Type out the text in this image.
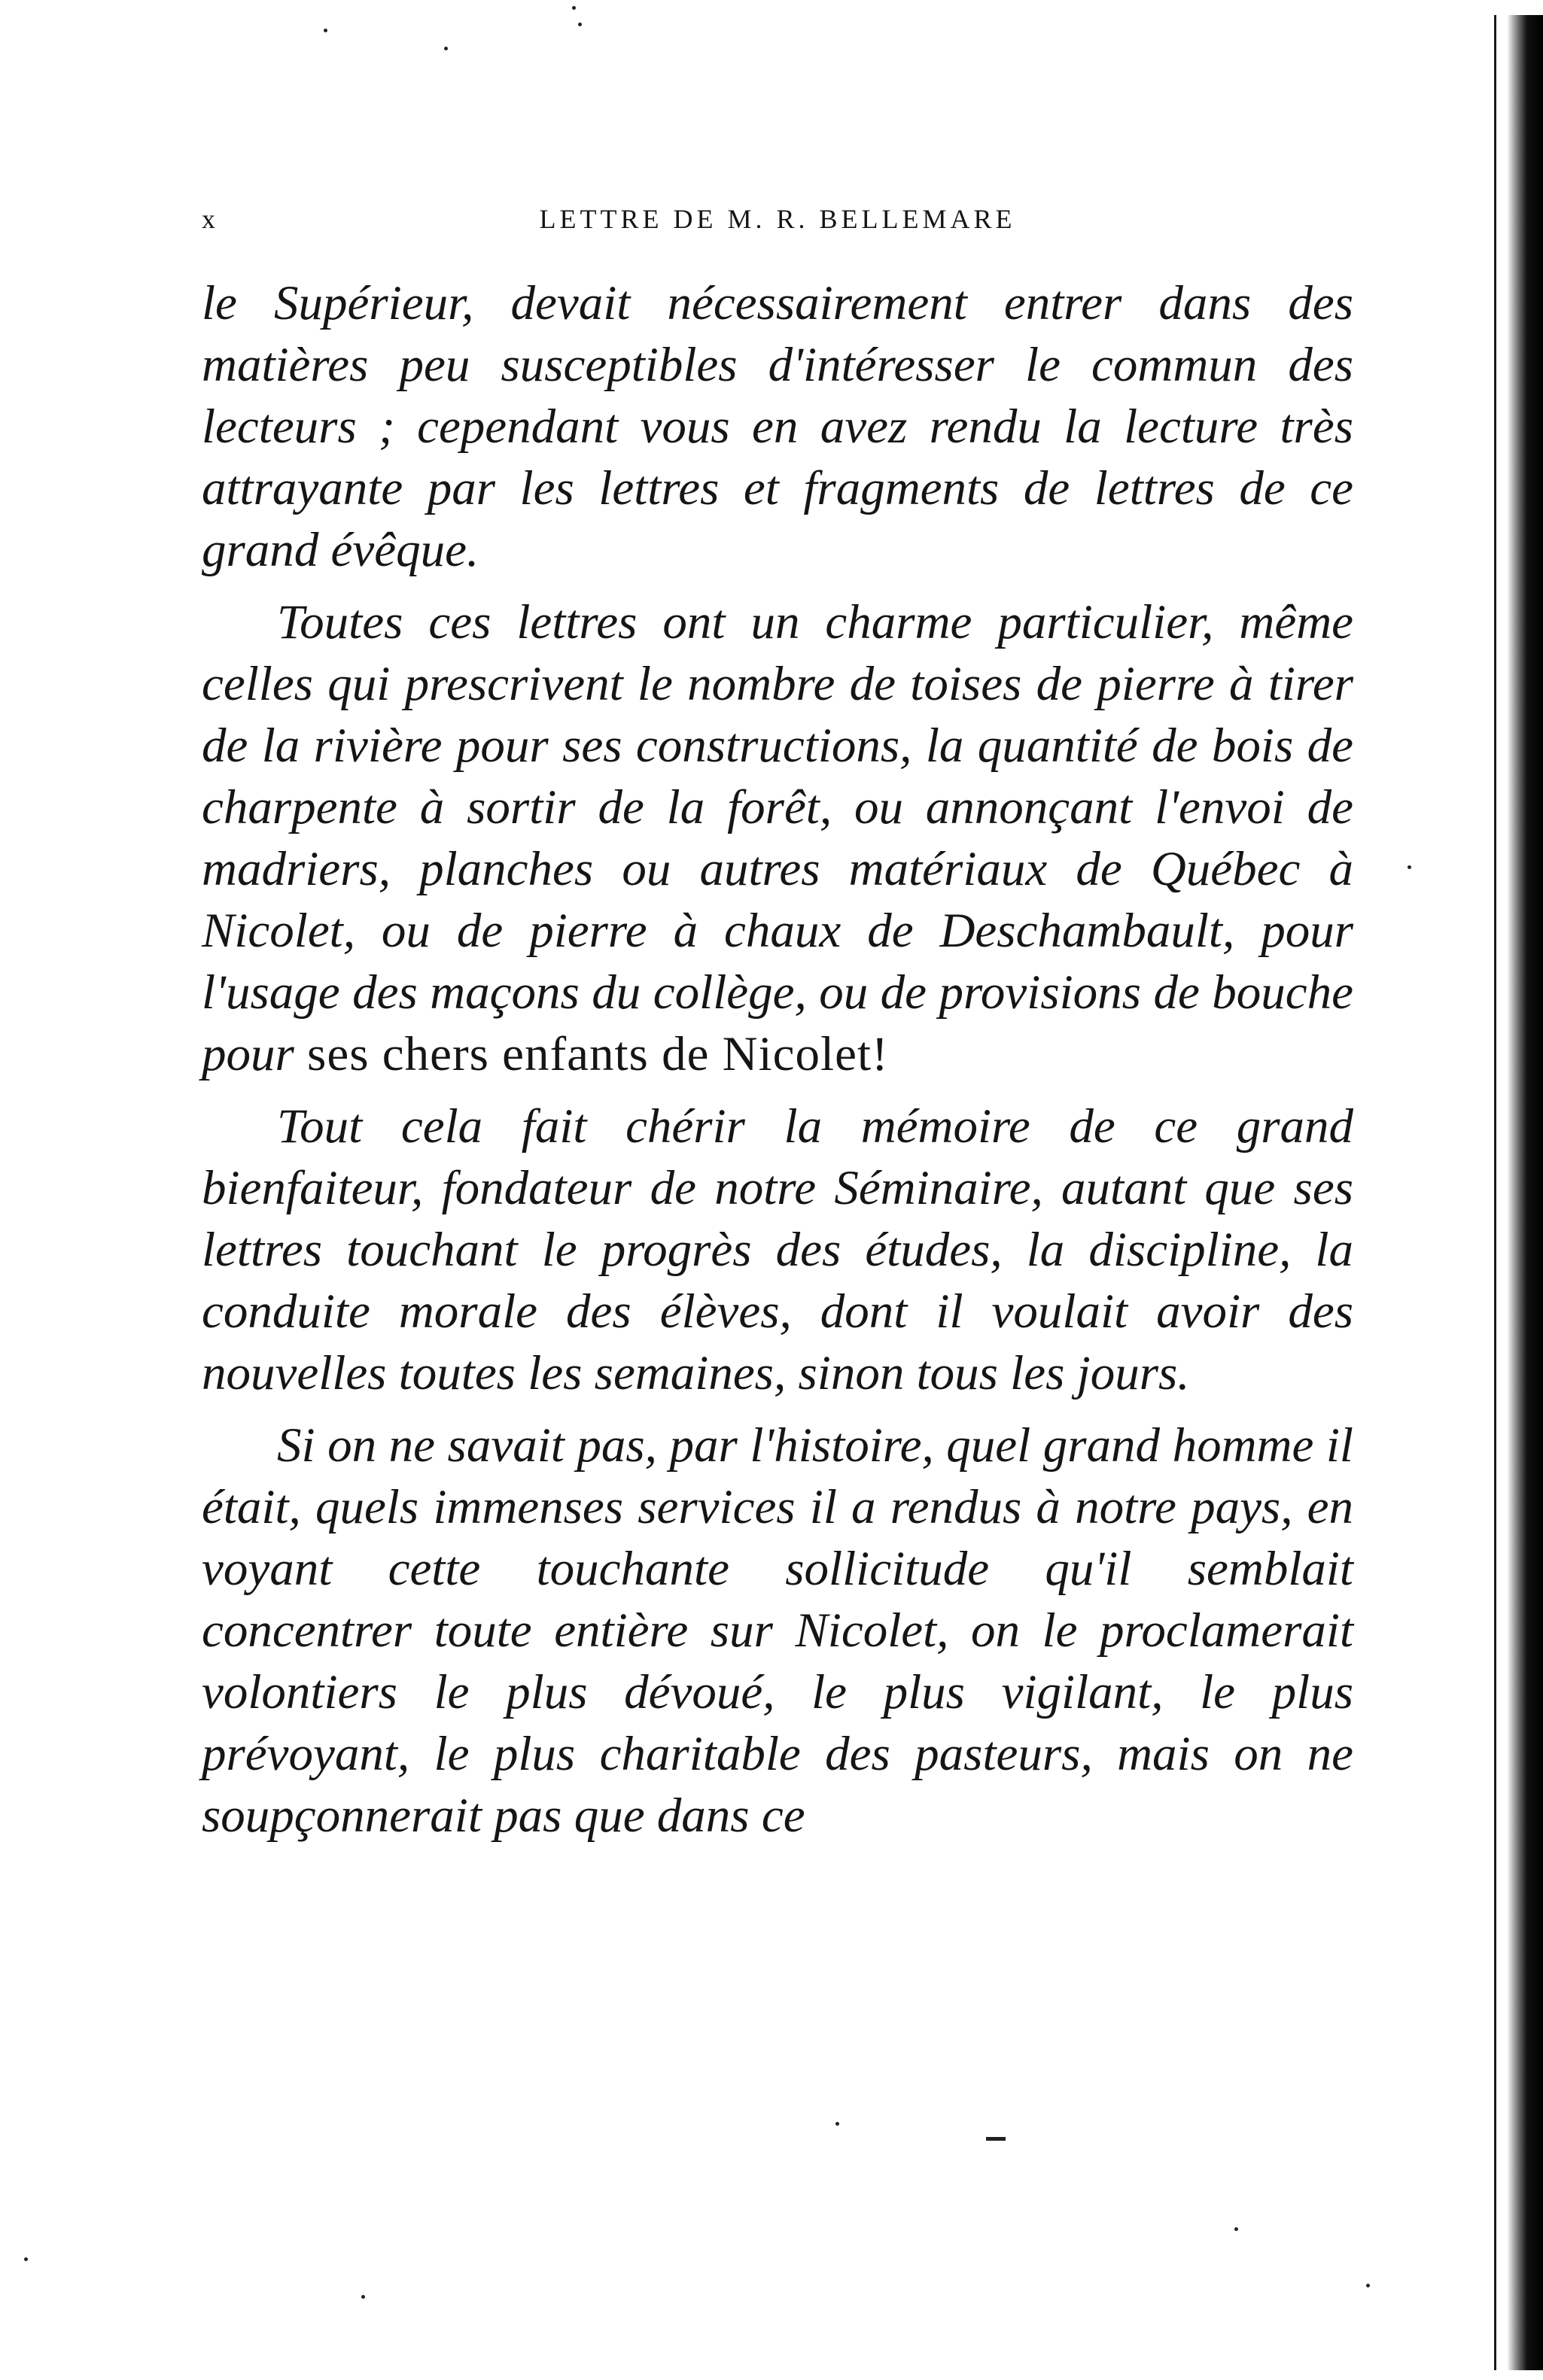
x	LETTRE DE M. R. BELLEMARE

le Supérieur, devait nécessairement entrer dans des matières peu susceptibles d'intéresser le commun des lecteurs ; cependant vous en avez rendu la lecture très attrayante par les lettres et fragments de lettres de ce grand évêque.

Toutes ces lettres ont un charme particulier, même celles qui prescrivent le nombre de toises de pierre à tirer de la rivière pour ses constructions, la quantité de bois de charpente à sortir de la forêt, ou annonçant l'envoi de madriers, planches ou autres matériaux de Québec à Nicolet, ou de pierre à chaux de Deschambault, pour l'usage des maçons du collège, ou de provisions de bouche pour ses chers enfants de Nicolet!

Tout cela fait chérir la mémoire de ce grand bienfaiteur, fondateur de notre Séminaire, autant que ses lettres touchant le progrès des études, la discipline, la conduite morale des élèves, dont il voulait avoir des nouvelles toutes les semaines, sinon tous les jours.

Si on ne savait pas, par l'histoire, quel grand homme il était, quels immenses services il a rendus à notre pays, en voyant cette touchante sollicitude qu'il semblait concentrer toute entière sur Nicolet, on le proclamerait volontiers le plus dévoué, le plus vigilant, le plus prévoyant, le plus charitable des pasteurs, mais on ne soupçonnerait pas que dans ce
